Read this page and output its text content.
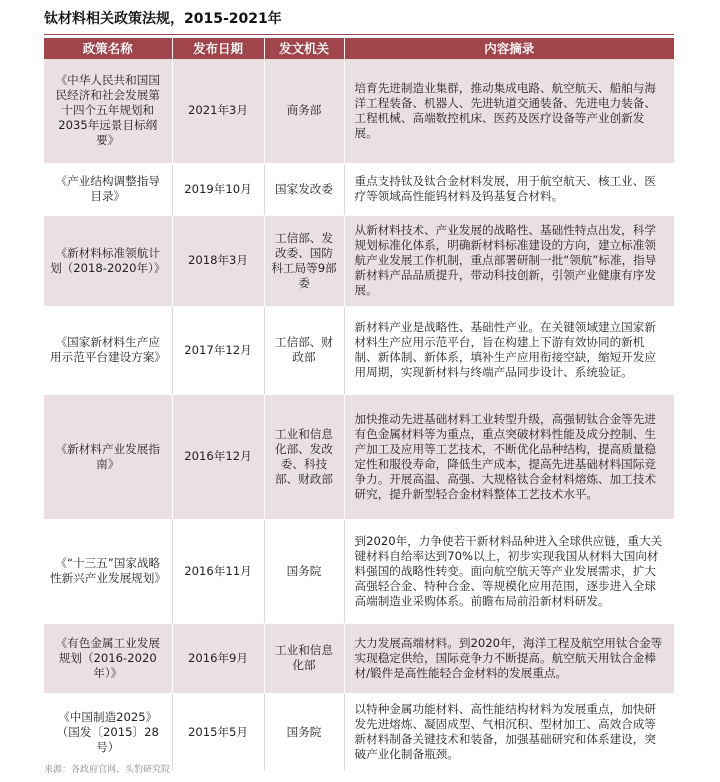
钛材料相关政策法规，2015-2021年
政策名称	发布日期	发文机关	内容摘录
《中华人民共和国国民经济和社会发展第十四个五年规划和2035年远景目标纲要》	2021年3月	商务部	培育先进制造业集群，推动集成电路、航空航天、船舶与海洋工程装备、机器人、先进轨道交通装备、先进电力装备、工程机械、高端数控机床、医药及医疗设备等产业创新发展。
《产业结构调整指导目录》	2019年10月	国家发改委	重点支持钛及钛合金材料发展，用于航空航天、核工业、医疗等领域高性能钨材料及钨基复合材料。
《新材料标准领航计划（2018-2020年）》	2018年3月	工信部、发改委、国防科工局等9部委	从新材料技术、产业发展的战略性、基础性特点出发，科学规划标准化体系，明确新材料标准建设的方向，建立标准领航产业发展工作机制，重点部署研制一批“领航”标准，指导新材料产品品质提升，带动科技创新，引领产业健康有序发展。
《国家新材料生产应用示范平台建设方案》	2017年12月	工信部、财政部	新材料产业是战略性、基础性产业。在关键领域建立国家新材料生产应用示范平台，旨在构建上下游有效协同的新机制、新体制、新体系，填补生产应用衔接空缺，缩短开发应用周期，实现新材料与终端产品同步设计、系统验证。
《新材料产业发展指南》	2016年12月	工业和信息化部、发改委、科技部、财政部	加快推动先进基础材料工业转型升级，高强韧钛合金等先进有色金属材料等为重点，重点突破材料性能及成分控制、生产加工及应用等工艺技术，不断优化品种结构，提高质量稳定性和服役寿命，降低生产成本，提高先进基础材料国际竞争力。开展高温、高强、大规格钛合金材料熔炼、加工技术研究，提升新型轻合金材料整体工艺技术水平。
《“十三五”国家战略性新兴产业发展规划》	2016年11月	国务院	到2020年，力争使若干新材料品种进入全球供应链，重大关键材料自给率达到70%以上，初步实现我国从材料大国向材料强国的战略性转变。面向航空航天等产业发展需求，扩大高强轻合金、特种合金、等规模化应用范围，逐步进入全球高端制造业采购体系。前瞻布局前沿新材料研发。
《有色金属工业发展规划（2016-2020年）》	2016年9月	工业和信息化部	大力发展高端材料。到2020年，海洋工程及航空用钛合金等实现稳定供给，国际竞争力不断提高。航空航天用钛合金棒材/锻件是高性能轻合金材料的发展重点。
《中国制造2025》（国发〔2015〕28号）	2015年5月	国务院	以特种金属功能材料、高性能结构材料为发展重点，加快研发先进熔炼、凝固成型、气相沉积、型材加工、高效合成等新材料制备关键技术和装备，加强基础研究和体系建设，突破产业化制备瓶颈。
来源：各政府官网、头豹研究院
